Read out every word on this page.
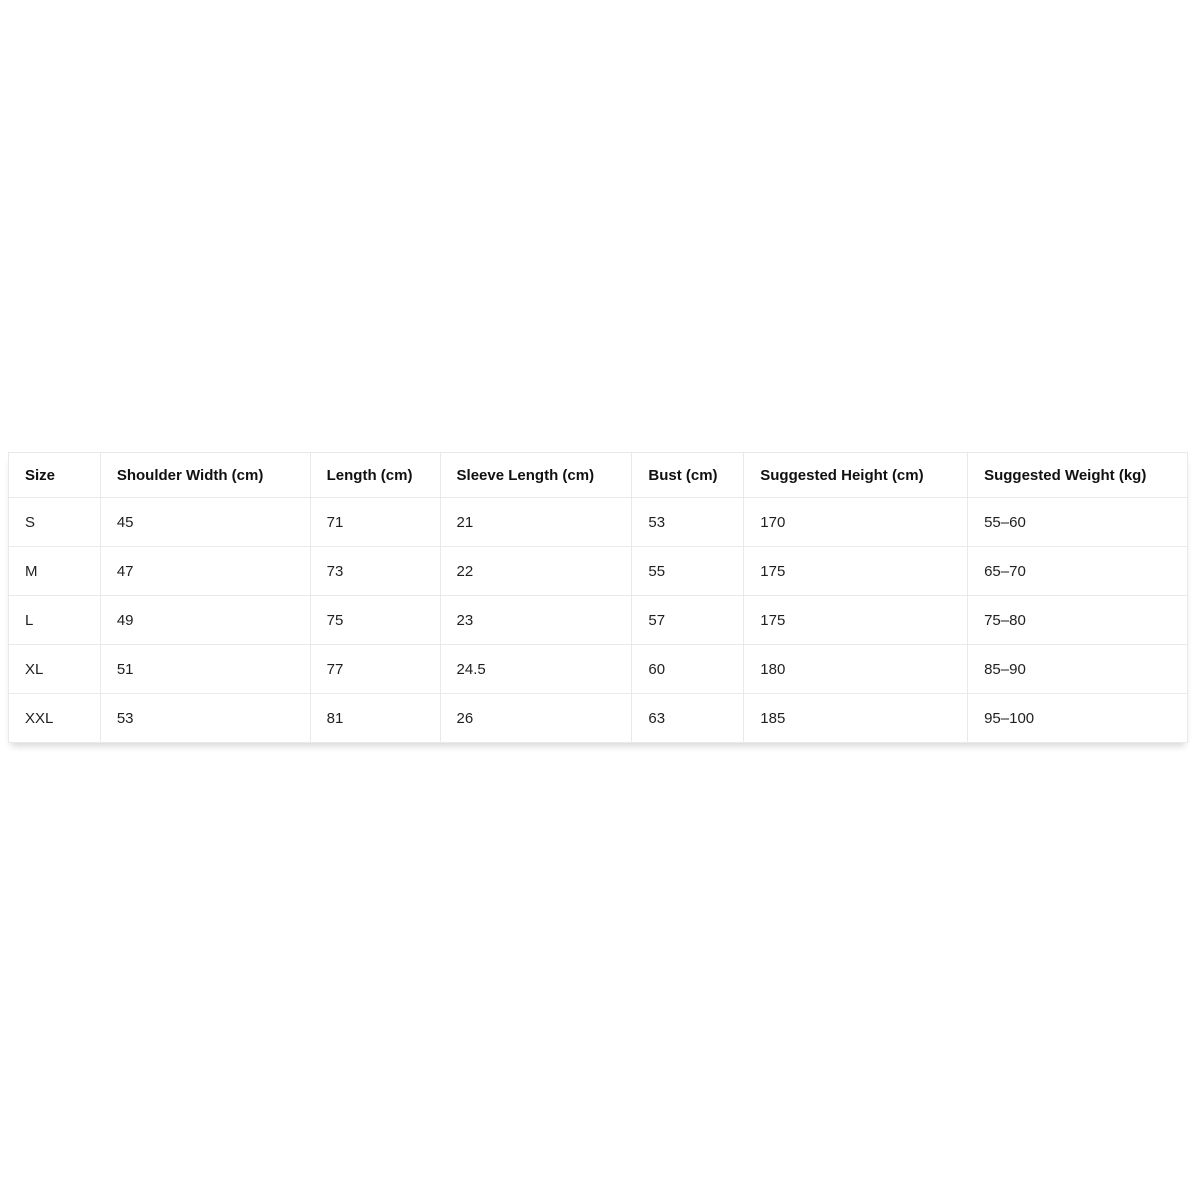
Size	Shoulder Width (cm)	Length (cm)	Sleeve Length (cm)	Bust (cm)	Suggested Height (cm)	Suggested Weight (kg)
S	45	71	21	53	170	55–60
M	47	73	22	55	175	65–70
L	49	75	23	57	175	75–80
XL	51	77	24.5	60	180	85–90
XXL	53	81	26	63	185	95–100
